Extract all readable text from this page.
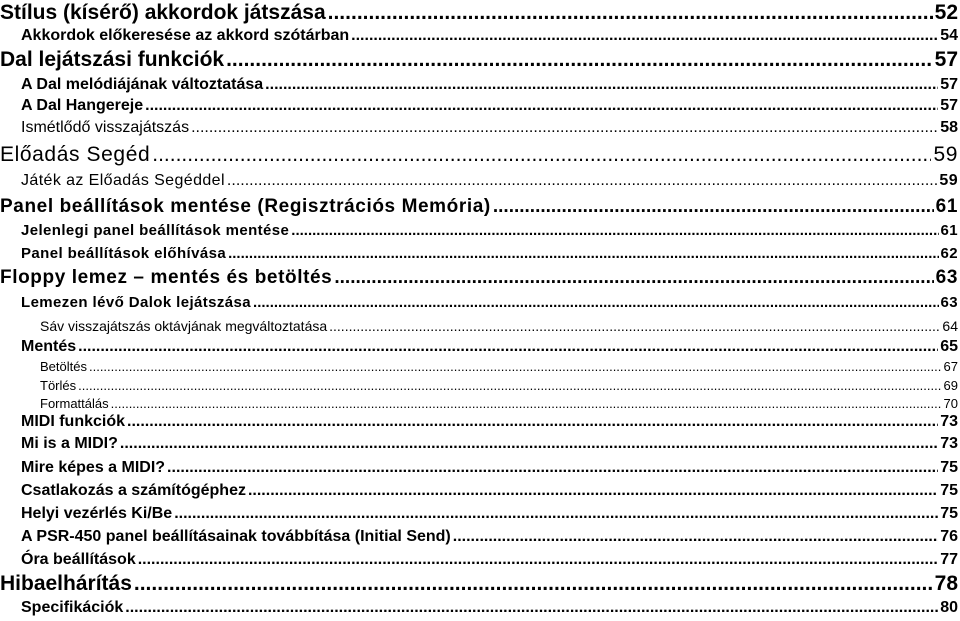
Stílus (kísérő) akkordok játszása .....	52
Akkordok előkeresése az akkord szótárban .....	54
Dal lejátszási funkciók .....	57
A Dal melódiájának változtatása .....	57
A Dal Hangereje .....	57
Ismétlődő visszajátszás .....	58
Előadás Segéd .....	59
Játék az Előadás Segéddel .....	59
Panel beállítások mentése (Regisztrációs Memória) .....	61
Jelenlegi panel beállítások mentése .....	61
Panel beállítások előhívása .....	62
Floppy lemez – mentés és betöltés .....	63
Lemezen lévő Dalok lejátszása .....	63
Sáv visszajátszás oktávjának megváltoztatása .....	64
Mentés .....	65
Betöltés .....	67
Törlés .....	69
Formattálás .....	70
MIDI funkciók .....	73
Mi is a MIDI? .....	73
Mire képes a MIDI? .....	75
Csatlakozás a számítógéphez .....	75
Helyi vezérlés Ki/Be .....	75
A PSR-450 panel beállításainak továbbítása (Initial Send) .....	76
Óra beállítások .....	77
Hibaelhárítás .....	78
Specifikációk .....	80
